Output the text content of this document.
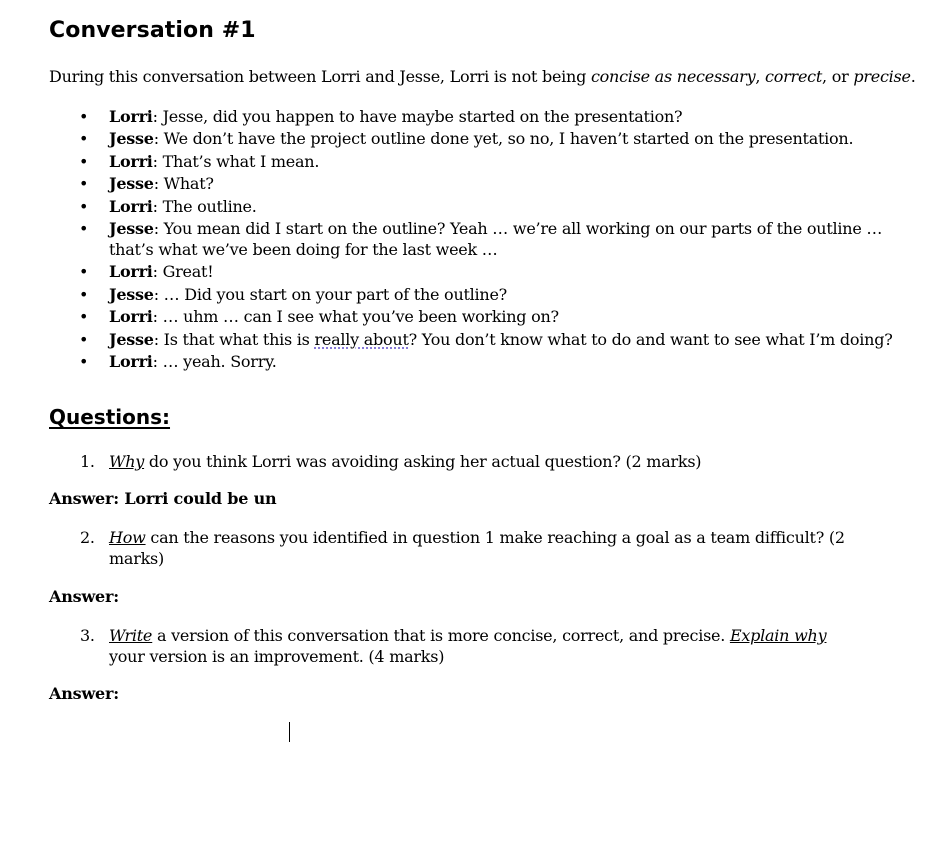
Conversation #1
During this conversation between Lorri and Jesse, Lorri is not being concise as necessary, correct, or precise.
• Lorri: Jesse, did you happen to have maybe started on the presentation?
• Jesse: We don’t have the project outline done yet, so no, I haven’t started on the presentation.
• Lorri: That’s what I mean.
• Jesse: What?
• Lorri: The outline.
• Jesse: You mean did I start on the outline? Yeah … we’re all working on our parts of the outline … that’s what we’ve been doing for the last week …
• Lorri: Great!
• Jesse: … Did you start on your part of the outline?
• Lorri: … uhm … can I see what you’ve been working on?
• Jesse: Is that what this is really about? You don’t know what to do and want to see what I’m doing?
• Lorri: … yeah. Sorry.
Questions:
1. Why do you think Lorri was avoiding asking her actual question? (2 marks)
Answer: Lorri could be un
2. How can the reasons you identified in question 1 make reaching a goal as a team difficult? (2 marks)
Answer:
3. Write a version of this conversation that is more concise, correct, and precise. Explain why your version is an improvement. (4 marks)
Answer:
